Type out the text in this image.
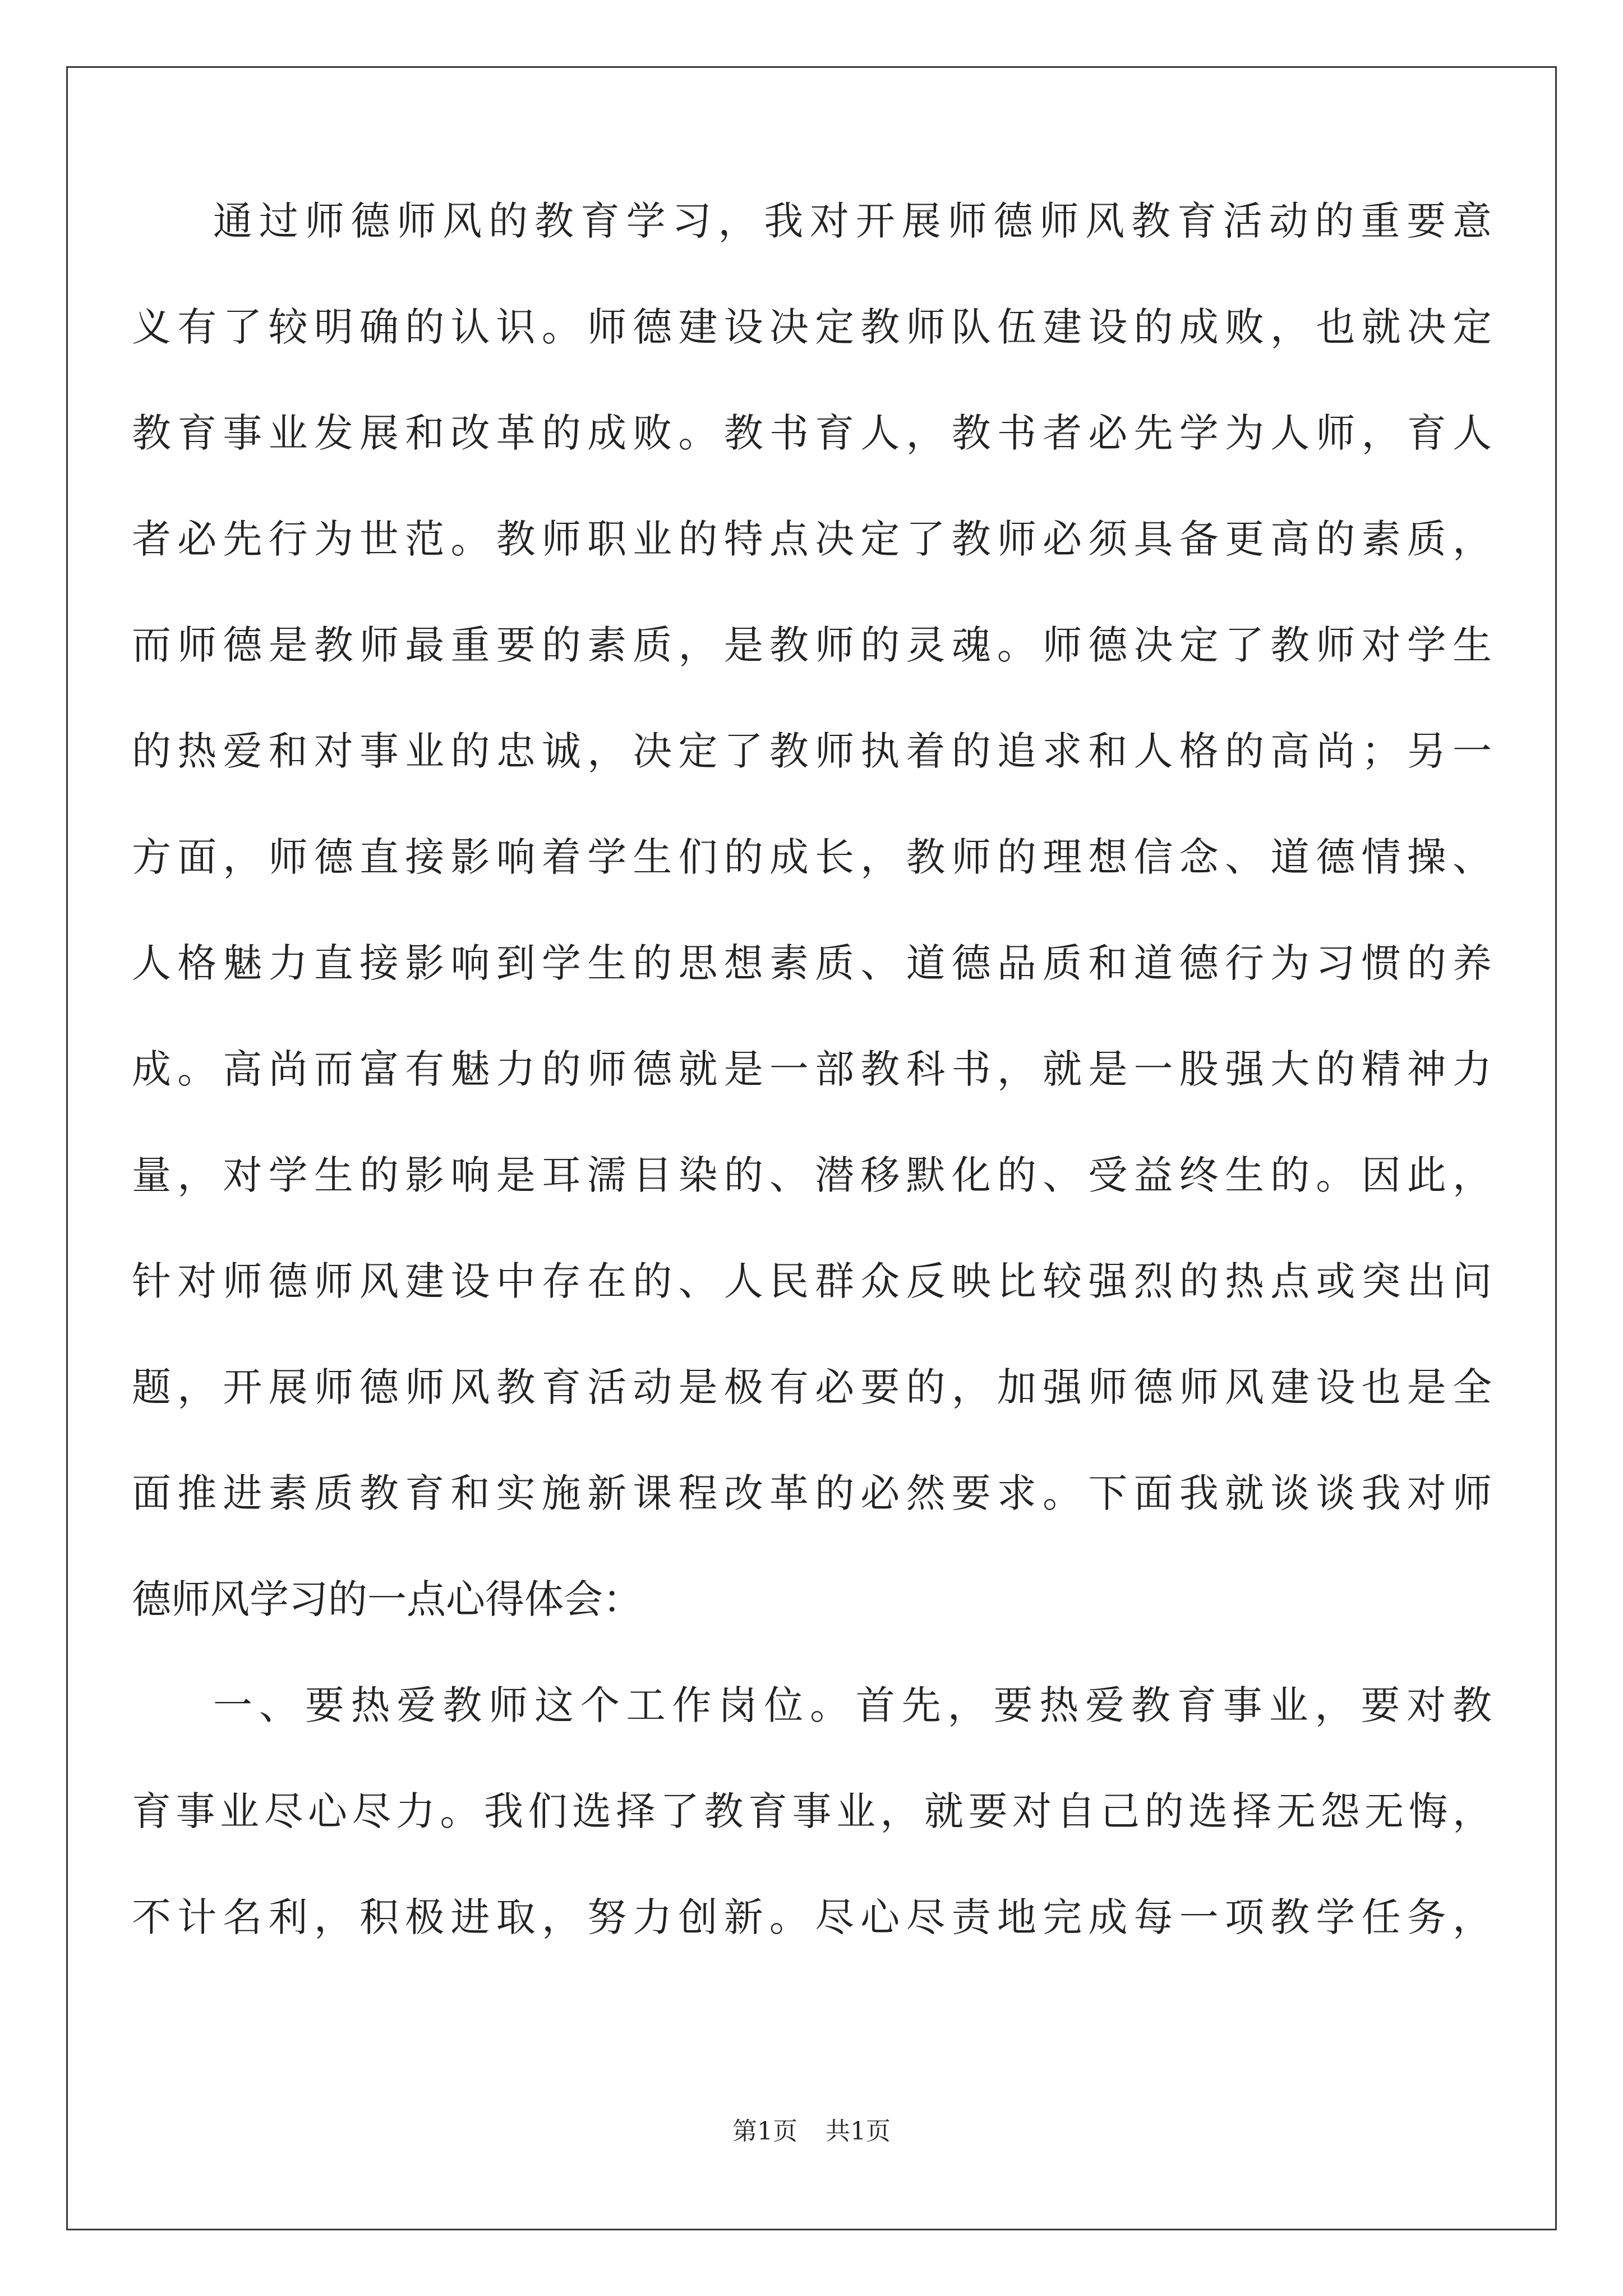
通过师德师风的教育学习，我对开展师德师风教育活动的重要意
义有了较明确的认识。师德建设决定教师队伍建设的成败，也就决定
教育事业发展和改革的成败。教书育人，教书者必先学为人师，育人
者必先行为世范。教师职业的特点决定了教师必须具备更高的素质，
而师德是教师最重要的素质，是教师的灵魂。师德决定了教师对学生
的热爱和对事业的忠诚，决定了教师执着的追求和人格的高尚；另一
方面，师德直接影响着学生们的成长，教师的理想信念、道德情操、
人格魅力直接影响到学生的思想素质、道德品质和道德行为习惯的养
成。高尚而富有魅力的师德就是一部教科书，就是一股强大的精神力
量，对学生的影响是耳濡目染的、潜移默化的、受益终生的。因此，
针对师德师风建设中存在的、人民群众反映比较强烈的热点或突出问
题，开展师德师风教育活动是极有必要的，加强师德师风建设也是全
面推进素质教育和实施新课程改革的必然要求。下面我就谈谈我对师
德师风学习的一点心得体会：
一、要热爱教师这个工作岗位。首先，要热爱教育事业，要对教
育事业尽心尽力。我们选择了教育事业，就要对自己的选择无怨无悔，
不计名利，积极进取，努力创新。尽心尽责地完成每一项教学任务，
第1页 共1页
